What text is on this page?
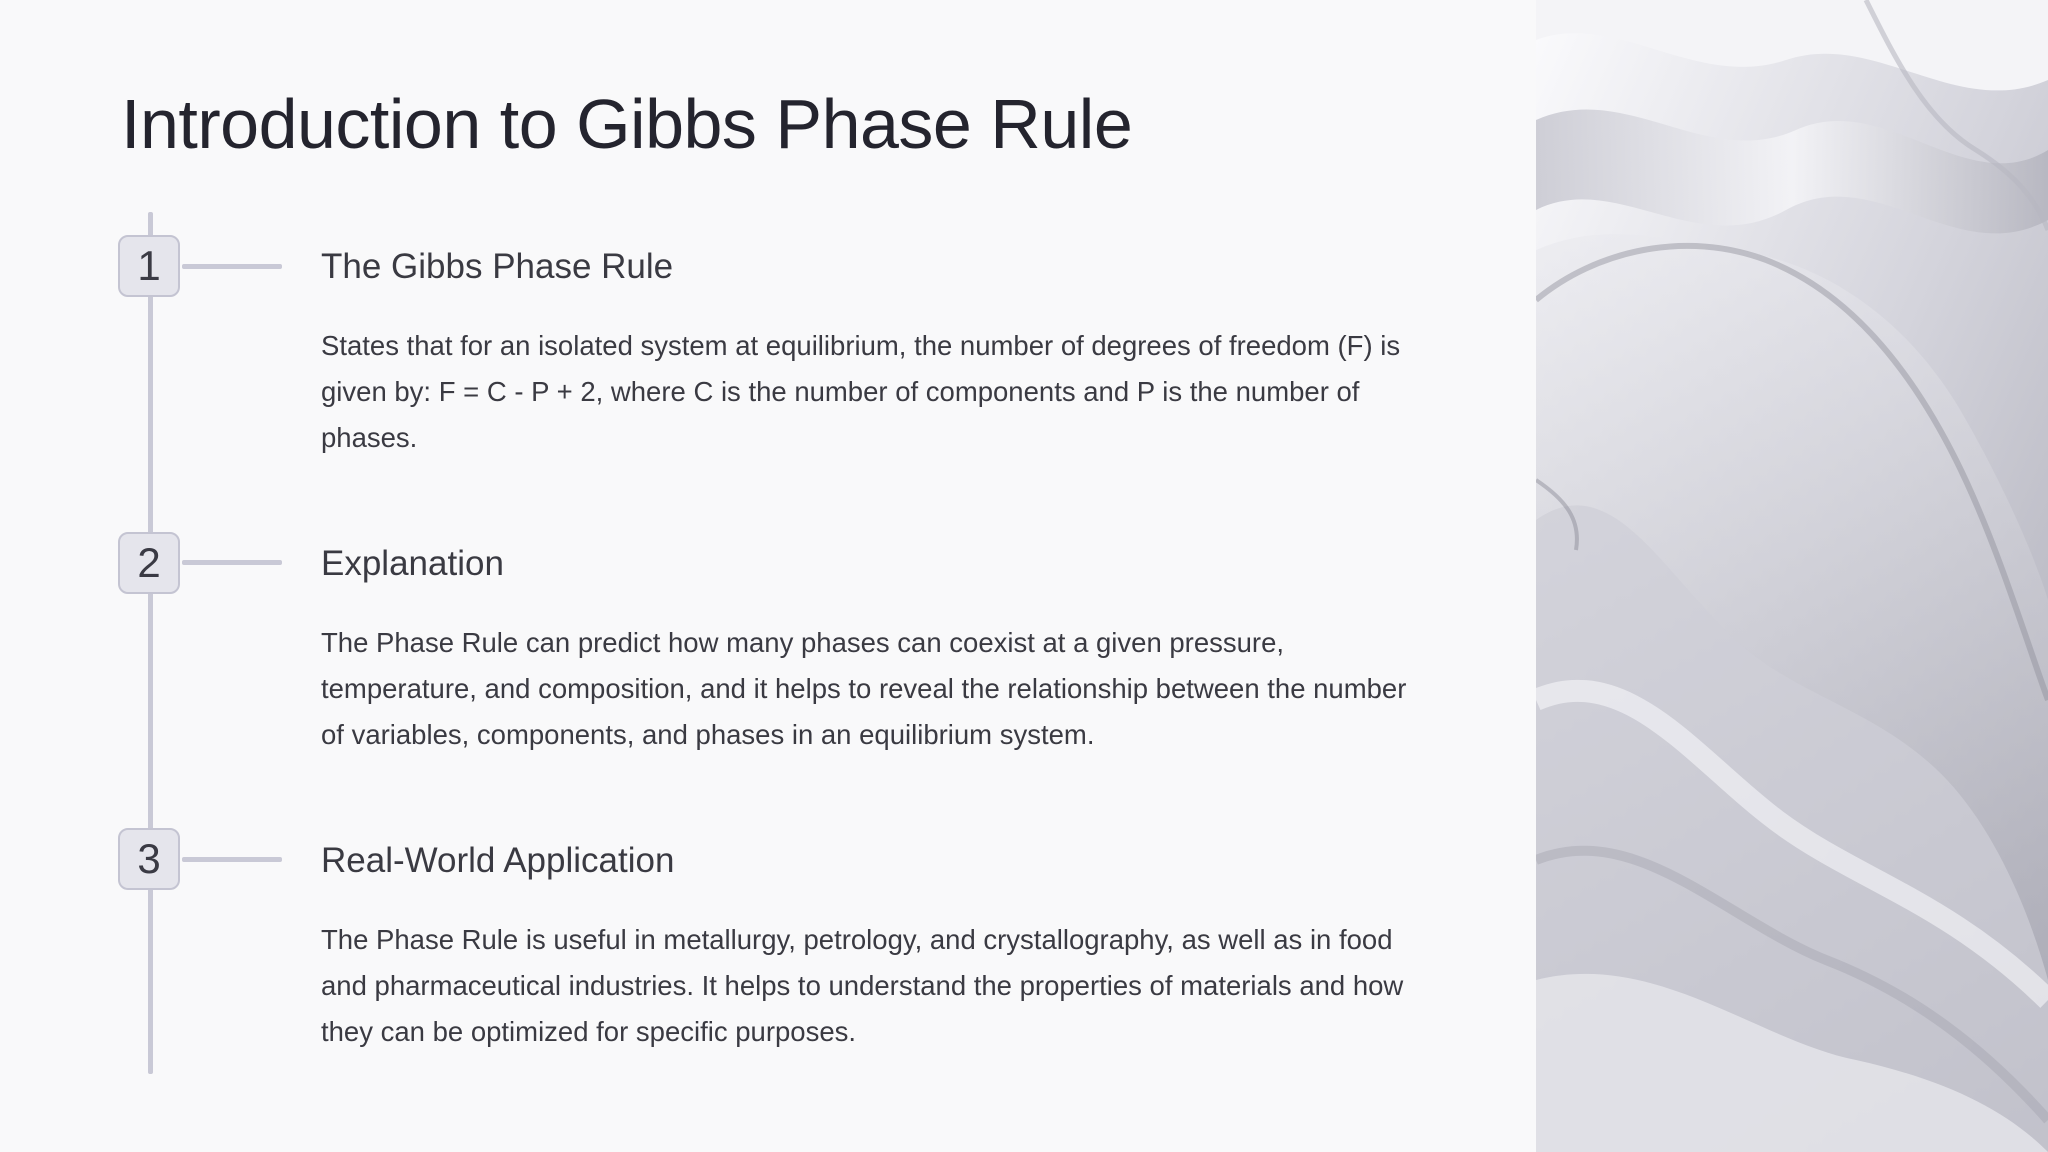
Introduction to Gibbs Phase Rule
1	The Gibbs Phase Rule

States that for an isolated system at equilibrium, the number of degrees of freedom (F) is given by: F = C - P + 2, where C is the number of components and P is the number of phases.

2	Explanation

The Phase Rule can predict how many phases can coexist at a given pressure, temperature, and composition, and it helps to reveal the relationship between the number of variables, components, and phases in an equilibrium system.

3	Real-World Application

The Phase Rule is useful in metallurgy, petrology, and crystallography, as well as in food and pharmaceutical industries. It helps to understand the properties of materials and how they can be optimized for specific purposes.
